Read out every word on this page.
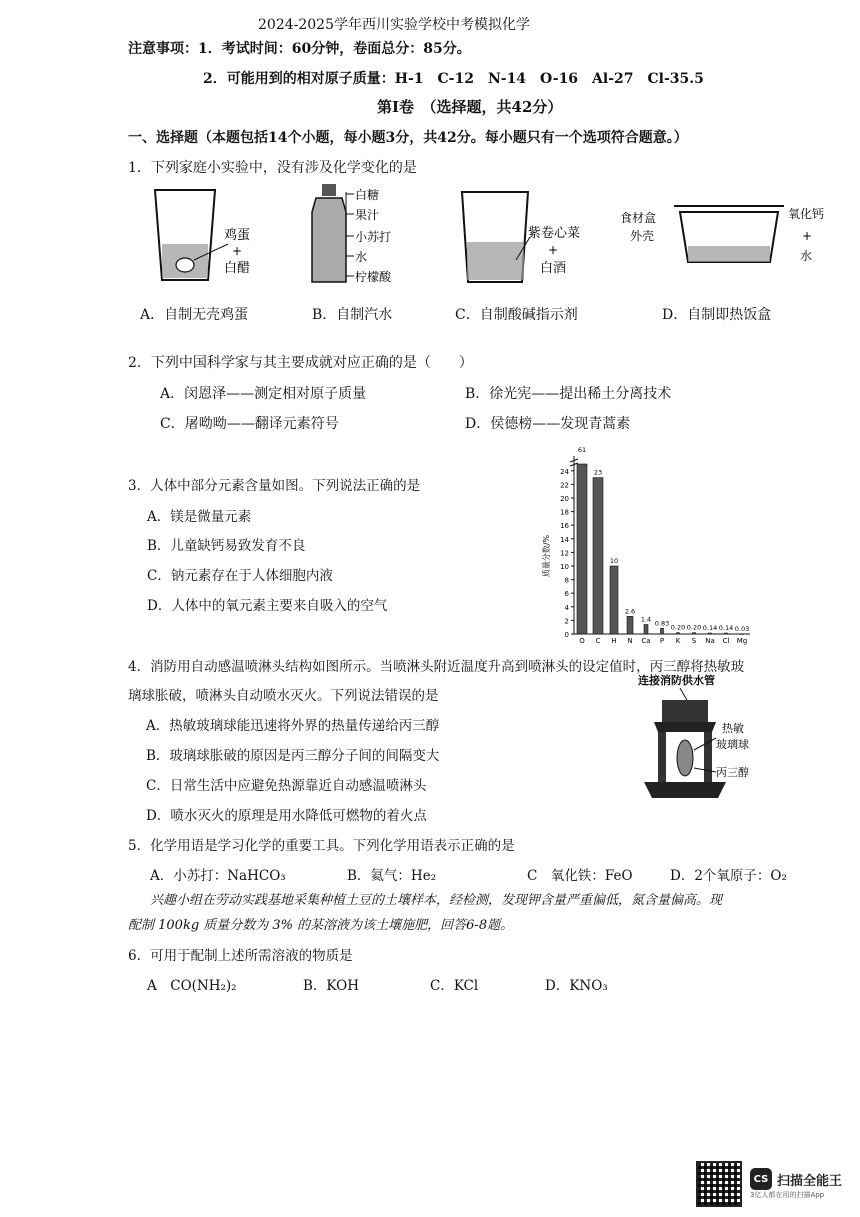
2024-2025学年西川实验学校中考模拟化学
注意事项：1．考试时间：60分钟，卷面总分：85分。
2．可能用到的相对原子质量：H-1　C-12　N-14　O-16　Al-27　Cl-35.5
第Ⅰ卷　（选择题，共42分）
一、选择题（本题包括14个小题，每小题3分，共42分。每小题只有一个选项符合题意。）
1．下列家庭小实验中，没有涉及化学变化的是
鸡蛋
+
白醋
白糖
果汁
小苏打
水
柠檬酸
紫卷心菜
+
白酒
食材盒
外壳
氧化钙
+
水
A．自制无壳鸡蛋	B．自制汽水	C．自制酸碱指示剂	D．自制即热饭盒
2．下列中国科学家与其主要成就对应正确的是（　　）
A．闵恩泽——测定相对原子质量	B．徐光宪——提出稀土分离技术
C．屠呦呦——翻译元素符号	D．侯德榜——发现青蒿素
3．人体中部分元素含量如图。下列说法正确的是
A．镁是微量元素
B．儿童缺钙易致发育不良
C．钠元素存在于人体细胞内液
D．人体中的氧元素主要来自吸入的空气
0
2
4
6
8
10
12
14
16
18
20
22
24
61
O
23
C
10
H
2.6
N
1.4
Ca
0.83
P
0.20
K
0.20
S
0.14
Na
0.14
Cl
0.03
Mg
质量分数/%
4．消防用自动感温喷淋头结构如图所示。当喷淋头附近温度升高到喷淋头的设定值时，丙三醇将热敏玻
璃球胀破，喷淋头自动喷水灭火。下列说法错误的是
A．热敏玻璃球能迅速将外界的热量传递给丙三醇
B．玻璃球胀破的原因是丙三醇分子间的间隔变大
C．日常生活中应避免热源靠近自动感温喷淋头
D．喷水灭火的原理是用水降低可燃物的着火点
连接消防供水管
热敏
玻璃球
丙三醇
5．化学用语是学习化学的重要工具。下列化学用语表示正确的是
A．小苏打：NaHCO₃	B．氦气：He₂	C　氧化铁：FeO	D．2个氧原子：O₂
兴趣小组在劳动实践基地采集种植土豆的土壤样本，经检测，发现钾含量严重偏低，氮含量偏高。现
配制 100kg 质量分数为 3% 的某溶液为该土壤施肥，回答6-8题。
6．可用于配制上述所需溶液的物质是
A　CO(NH₂)₂	B．KOH	C．KCl	D．KNO₃
CS 扫描全能王
3亿人都在用的扫描App
